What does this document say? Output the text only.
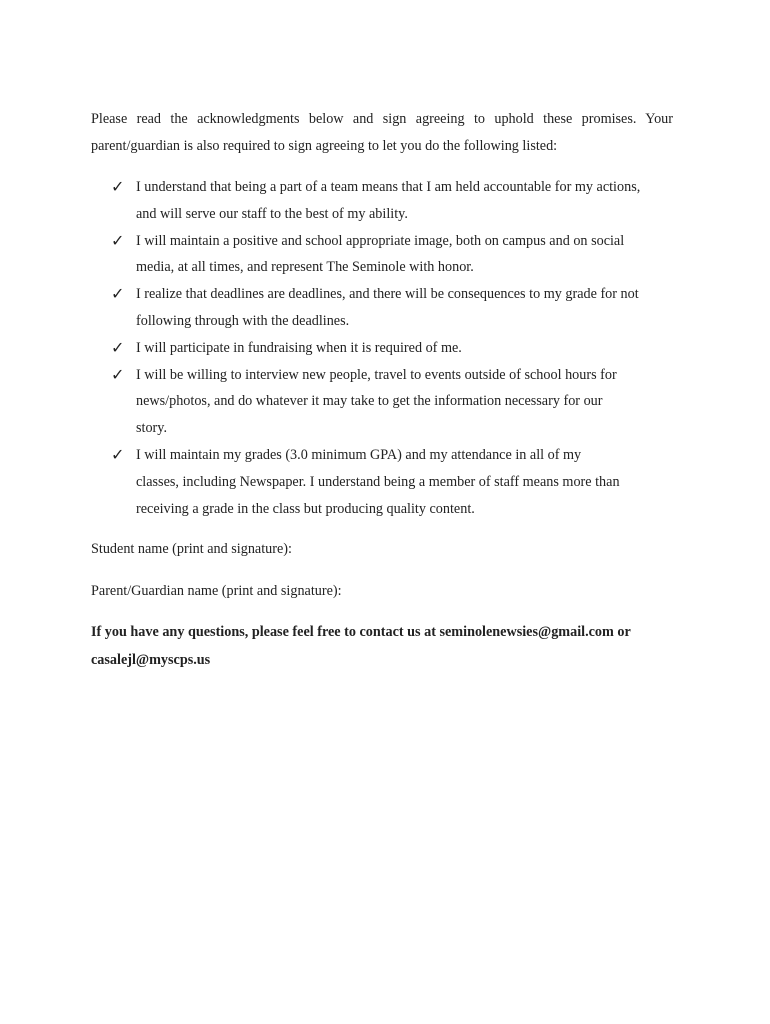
Please read the acknowledgments below and sign agreeing to uphold these promises. Your parent/guardian is also required to sign agreeing to let you do the following listed:

✓ I understand that being a part of a team means that I am held accountable for my actions,
and will serve our staff to the best of my ability.
✓ I will maintain a positive and school appropriate image, both on campus and on social
media, at all times, and represent The Seminole with honor.
✓ I realize that deadlines are deadlines, and there will be consequences to my grade for not
following through with the deadlines.
✓ I will participate in fundraising when it is required of me.
✓ I will be willing to interview new people, travel to events outside of school hours for
news/photos, and do whatever it may take to get the information necessary for our
story.
✓ I will maintain my grades (3.0 minimum GPA) and my attendance in all of my
classes, including Newspaper. I understand being a member of staff means more than
receiving a grade in the class but producing quality content.

Student name (print and signature):

Parent/Guardian name (print and signature):

If you have any questions, please feel free to contact us at seminolenewsies@gmail.com or
casalejl@myscps.us
